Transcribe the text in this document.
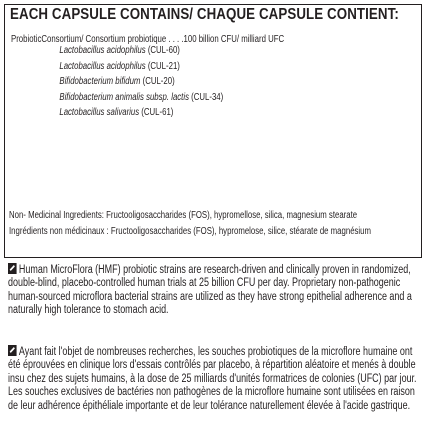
EACH CAPSULE CONTAINS/ CHAQUE CAPSULE CONTIENT:
ProbioticConsortium/ Consortium probiotique . . . .100 billion CFU/ milliard UFC
Lactobacillus acidophilus (CUL-60)
Lactobacillus acidophilus (CUL-21)
Bifidobacterium bifidum (CUL-20)
Bifidobacterium animalis subsp. lactis (CUL-34)
Lactobacillus salivarius (CUL-61)

Non- Medicinal Ingredients: Fructooligosaccharides (FOS), hypromellose, silica, magnesium stearate

Ingrédients non médicinaux : Fructooligosaccharides (FOS), hypromelose, silice, stéarate de magnésium

Human MicroFlora (HMF) probiotic strains are research-driven and clinically proven in randomized, double-blind, placebo-controlled human trials at 25 billion CFU per day. Proprietary non-pathogenic human-sourced microflora bacterial strains are utilized as they have strong epithelial adherence and a naturally high tolerance to stomach acid.
Ayant fait l'objet de nombreuses recherches, les souches probiotiques de la microflore humaine ont été éprouvées en clinique lors d'essais contrôlés par placebo, à répartition aléatoire et menés à double insu chez des sujets humains, à la dose de 25 milliards d'unités formatrices de colonies (UFC) par jour. Les souches exclusives de bactéries non pathogènes de la microflore humaine sont utilisées en raison de leur adhérence épithéliale importante et de leur tolérance naturellement élevée à l'acide gastrique.
